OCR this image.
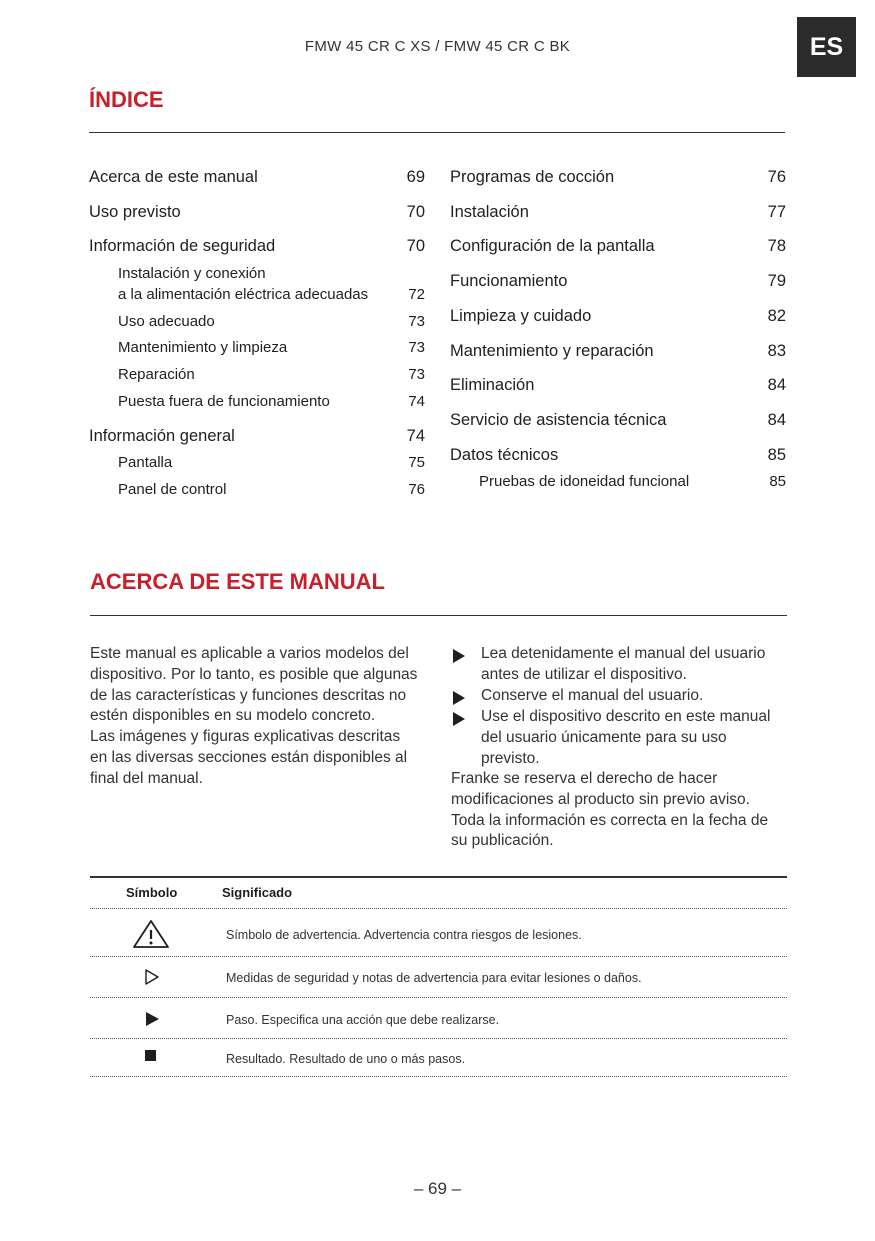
FMW 45 CR C XS / FMW 45 CR C BK	ES
ÍNDICE
Acerca de este manual	69
Uso previsto	70
Información de seguridad	70
Instalación y conexión
a la alimentación eléctrica adecuadas	72
Uso adecuado	73
Mantenimiento y limpieza	73
Reparación	73
Puesta fuera de funcionamiento	74
Información general	74
Pantalla	75
Panel de control	76
Programas de cocción	76
Instalación	77
Configuración de la pantalla	78
Funcionamiento	79
Limpieza y cuidado	82
Mantenimiento y reparación	83
Eliminación	84
Servicio de asistencia técnica	84
Datos técnicos	85
Pruebas de idoneidad funcional	85
ACERCA DE ESTE MANUAL
Este manual es aplicable a varios modelos del
dispositivo. Por lo tanto, es posible que algunas
de las características y funciones descritas no
estén disponibles en su modelo concreto.
Las imágenes y figuras explicativas descritas
en las diversas secciones están disponibles al
final del manual.
Lea detenidamente el manual del usuario
antes de utilizar el dispositivo.
Conserve el manual del usuario.
Use el dispositivo descrito en este manual
del usuario únicamente para su uso
previsto.
Franke se reserva el derecho de hacer
modificaciones al producto sin previo aviso.
Toda la información es correcta en la fecha de
su publicación.
Símbolo	Significado
Símbolo de advertencia. Advertencia contra riesgos de lesiones.
Medidas de seguridad y notas de advertencia para evitar lesiones o daños.
Paso. Especifica una acción que debe realizarse.
Resultado. Resultado de uno o más pasos.
– 69 –
